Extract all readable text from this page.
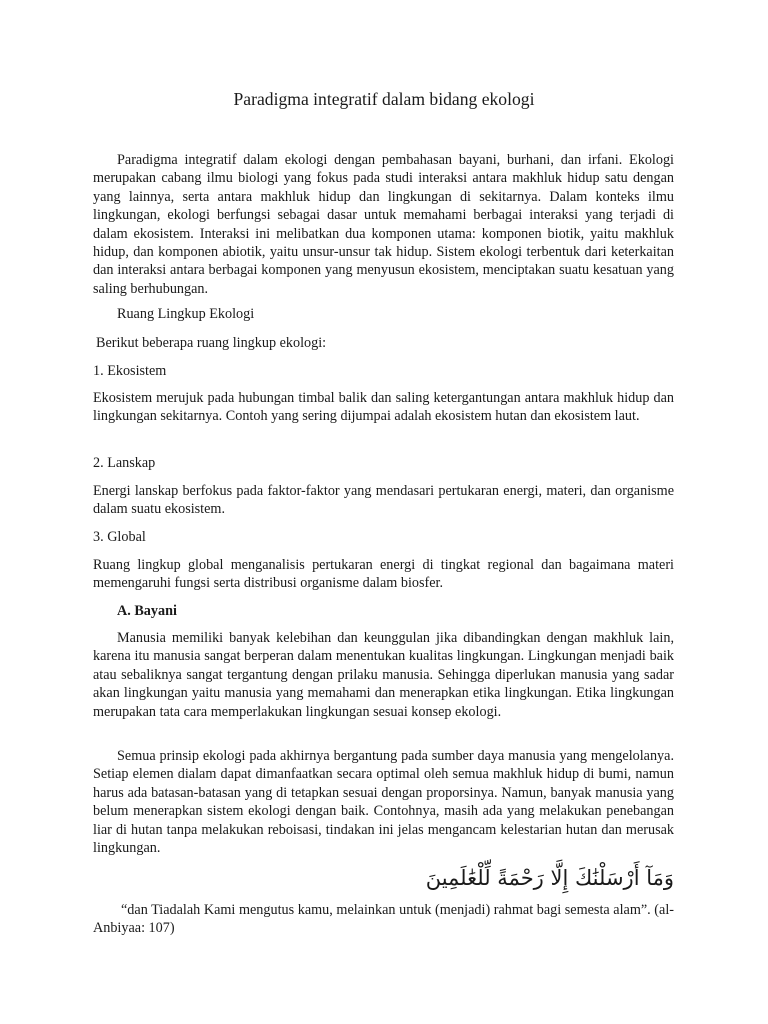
Paradigma integratif dalam bidang ekologi

Paradigma integratif dalam ekologi dengan pembahasan bayani, burhani, dan irfani. Ekologi merupakan cabang ilmu biologi yang fokus pada studi interaksi antara makhluk hidup satu dengan yang lainnya, serta antara makhluk hidup dan lingkungan di sekitarnya. Dalam konteks ilmu lingkungan, ekologi berfungsi sebagai dasar untuk memahami berbagai interaksi yang terjadi di dalam ekosistem. Interaksi ini melibatkan dua komponen utama: komponen biotik, yaitu makhluk hidup, dan komponen abiotik, yaitu unsur-unsur tak hidup. Sistem ekologi terbentuk dari keterkaitan dan interaksi antara berbagai komponen yang menyusun ekosistem, menciptakan suatu kesatuan yang saling berhubungan.

Ruang Lingkup Ekologi

Berikut beberapa ruang lingkup ekologi:

1. Ekosistem

Ekosistem merujuk pada hubungan timbal balik dan saling ketergantungan antara makhluk hidup dan lingkungan sekitarnya. Contoh yang sering dijumpai adalah ekosistem hutan dan ekosistem laut.

2. Lanskap

Energi lanskap berfokus pada faktor-faktor yang mendasari pertukaran energi, materi, dan organisme dalam suatu ekosistem.

3. Global

Ruang lingkup global menganalisis pertukaran energi di tingkat regional dan bagaimana materi memengaruhi fungsi serta distribusi organisme dalam biosfer.

A. Bayani

Manusia memiliki banyak kelebihan dan keunggulan jika dibandingkan dengan makhluk lain, karena itu manusia sangat berperan dalam menentukan kualitas lingkungan. Lingkungan menjadi baik atau sebaliknya sangat tergantung dengan prilaku manusia. Sehingga diperlukan manusia yang sadar akan lingkungan yaitu manusia yang memahami dan menerapkan etika lingkungan. Etika lingkungan merupakan tata cara memperlakukan lingkungan sesuai konsep ekologi.

Semua prinsip ekologi pada akhirnya bergantung pada sumber daya manusia yang mengelolanya. Setiap elemen dialam dapat dimanfaatkan secara optimal oleh semua makhluk hidup di bumi, namun harus ada batasan-batasan yang di tetapkan sesuai dengan proporsinya. Namun, banyak manusia yang belum menerapkan sistem ekologi dengan baik. Contohnya, masih ada yang melakukan penebangan liar di hutan tanpa melakukan reboisasi, tindakan ini jelas mengancam kelestarian hutan dan merusak lingkungan.

وَمَآ أَرْسَلْنَٰكَ إِلَّا رَحْمَةً لِّلْعَٰلَمِينَ

“dan Tiadalah Kami mengutus kamu, melainkan untuk (menjadi) rahmat bagi semesta alam”. (al-Anbiyaa: 107)
